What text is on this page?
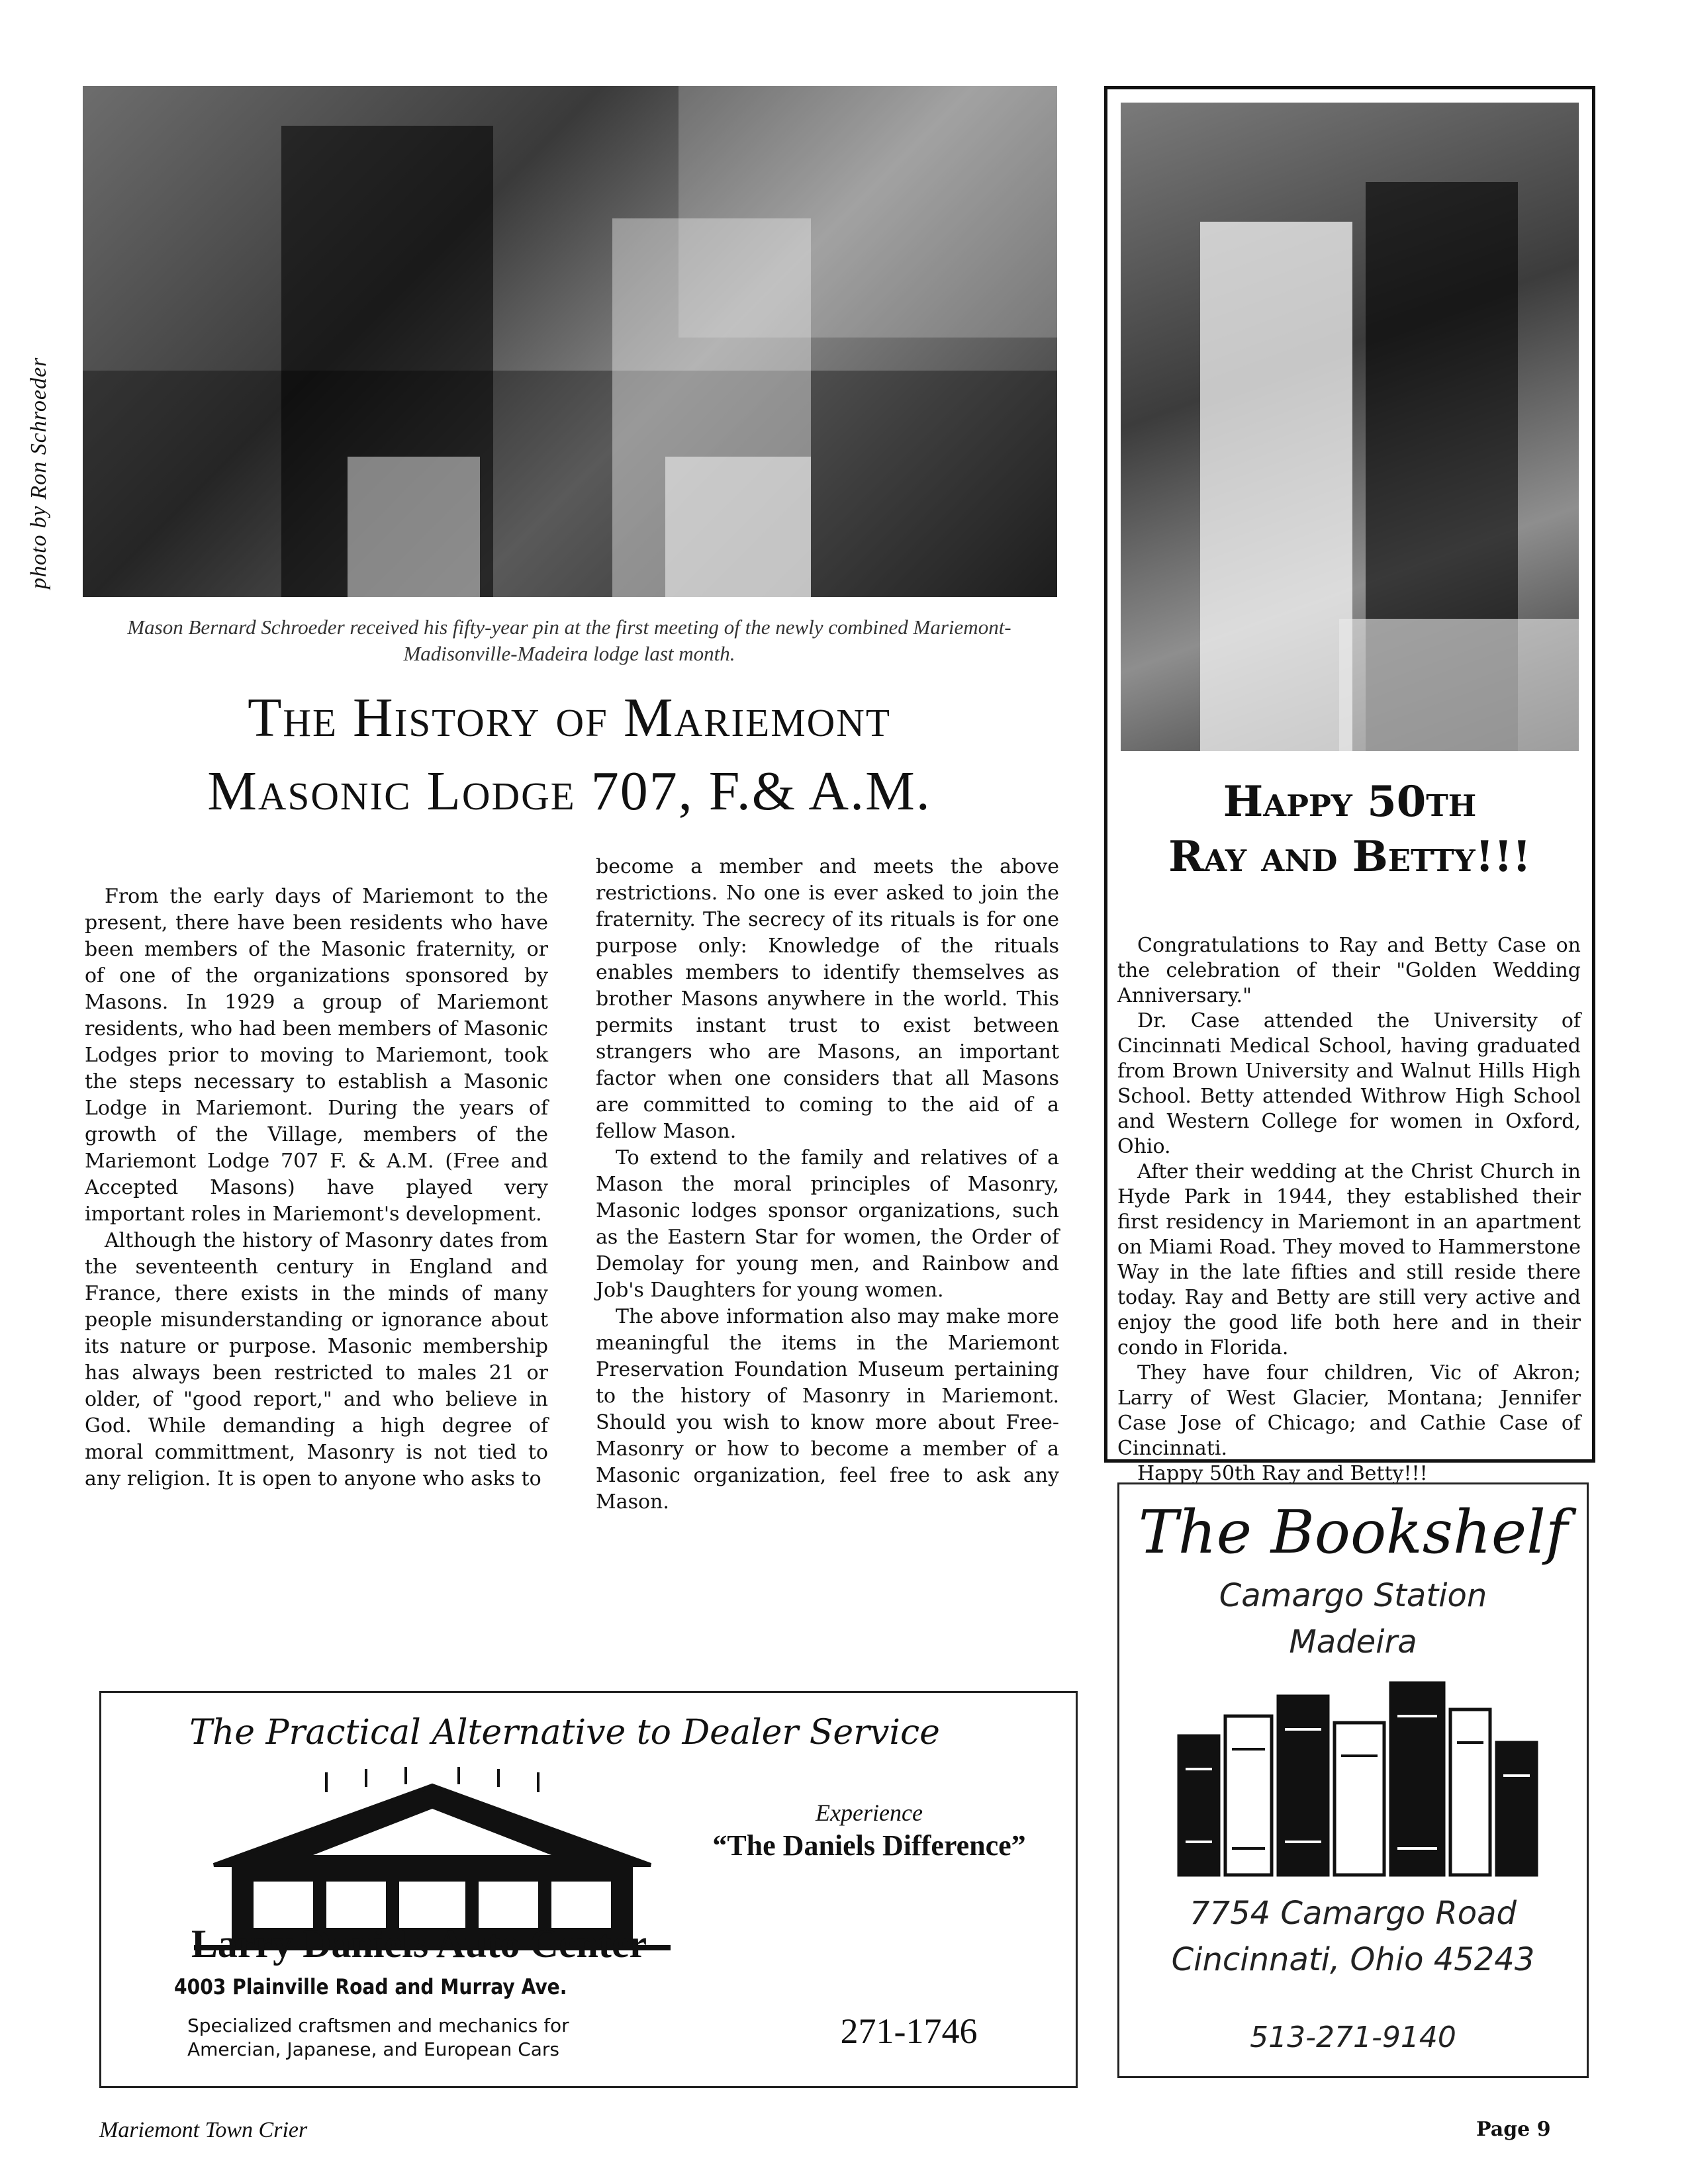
photo by Ron Schroeder
Mason Bernard Schroeder received his fifty-year pin at the first meeting of the newly combined Mariemont-Madisonville-Madeira lodge last month.
The History of Mariemont
Masonic Lodge 707, F.& A.M.

From the early days of Mariemont to the present, there have been residents who have been members of the Masonic fraternity, or of one of the organizations sponsored by Masons. In 1929 a group of Mariemont residents, who had been members of Masonic Lodges prior to moving to Mariemont, took the steps necessary to establish a Masonic Lodge in Mariemont. During the years of growth of the Village, members of the Mariemont Lodge 707 F. & A.M. (Free and Accepted Masons) have played very important roles in Mariemont's development.

Although the history of Masonry dates from the seventeenth century in England and France, there exists in the minds of many people misunderstanding or ignorance about its nature or purpose. Masonic membership has always been restricted to males 21 or older, of "good report," and who believe in God. While demanding a high degree of moral committment, Masonry is not tied to any religion. It is open to anyone who asks to

become a member and meets the above restrictions. No one is ever asked to join the fraternity. The secrecy of its rituals is for one purpose only: Knowledge of the rituals enables members to identify themselves as brother Masons anywhere in the world. This permits instant trust to exist between strangers who are Masons, an important factor when one considers that all Masons are committed to coming to the aid of a fellow Mason.

To extend to the family and relatives of a Mason the moral principles of Masonry, Masonic lodges sponsor organizations, such as the Eastern Star for women, the Order of Demolay for young men, and Rainbow and Job's Daughters for young women.

The above information also may make more meaningful the items in the Mariemont Preservation Foundation Museum pertaining to the history of Masonry in Mariemont. Should you wish to know more about Free-Masonry or how to become a member of a Masonic organization, feel free to ask any Mason.

Happy 50th
Ray and Betty!!!

Congratulations to Ray and Betty Case on the celebration of their "Golden Wedding Anniversary."

Dr. Case attended the University of Cincinnati Medical School, having graduated from Brown University and Walnut Hills High School. Betty attended Withrow High School and Western College for women in Oxford, Ohio.

After their wedding at the Christ Church in Hyde Park in 1944, they established their first residency in Mariemont in an apartment on Miami Road. They moved to Hammerstone Way in the late fifties and still reside there today. Ray and Betty are still very active and enjoy the good life both here and in their condo in Florida.

They have four children, Vic of Akron; Larry of West Glacier, Montana; Jennifer Case Jose of Chicago; and Cathie Case of Cincinnati.

Happy 50th Ray and Betty!!!

The Practical Alternative to Dealer Service
Experience
“The Daniels Difference”
Larry Daniels Auto Center
4003 Plainville Road and Murray Ave.
Specialized craftsmen and mechanics for
Amercian, Japanese, and European Cars	271-1746
The Bookshelf
Camargo Station
Madeira
7754 Camargo Road
Cincinnati, Ohio 45243
513-271-9140
Mariemont Town Crier	Page 9
